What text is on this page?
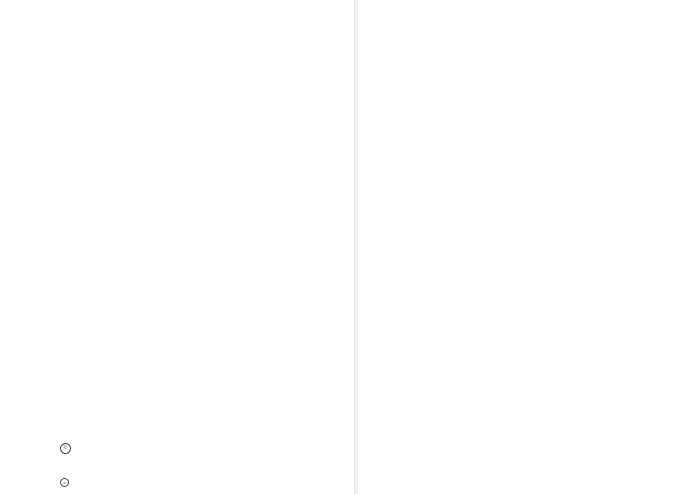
©
∞
